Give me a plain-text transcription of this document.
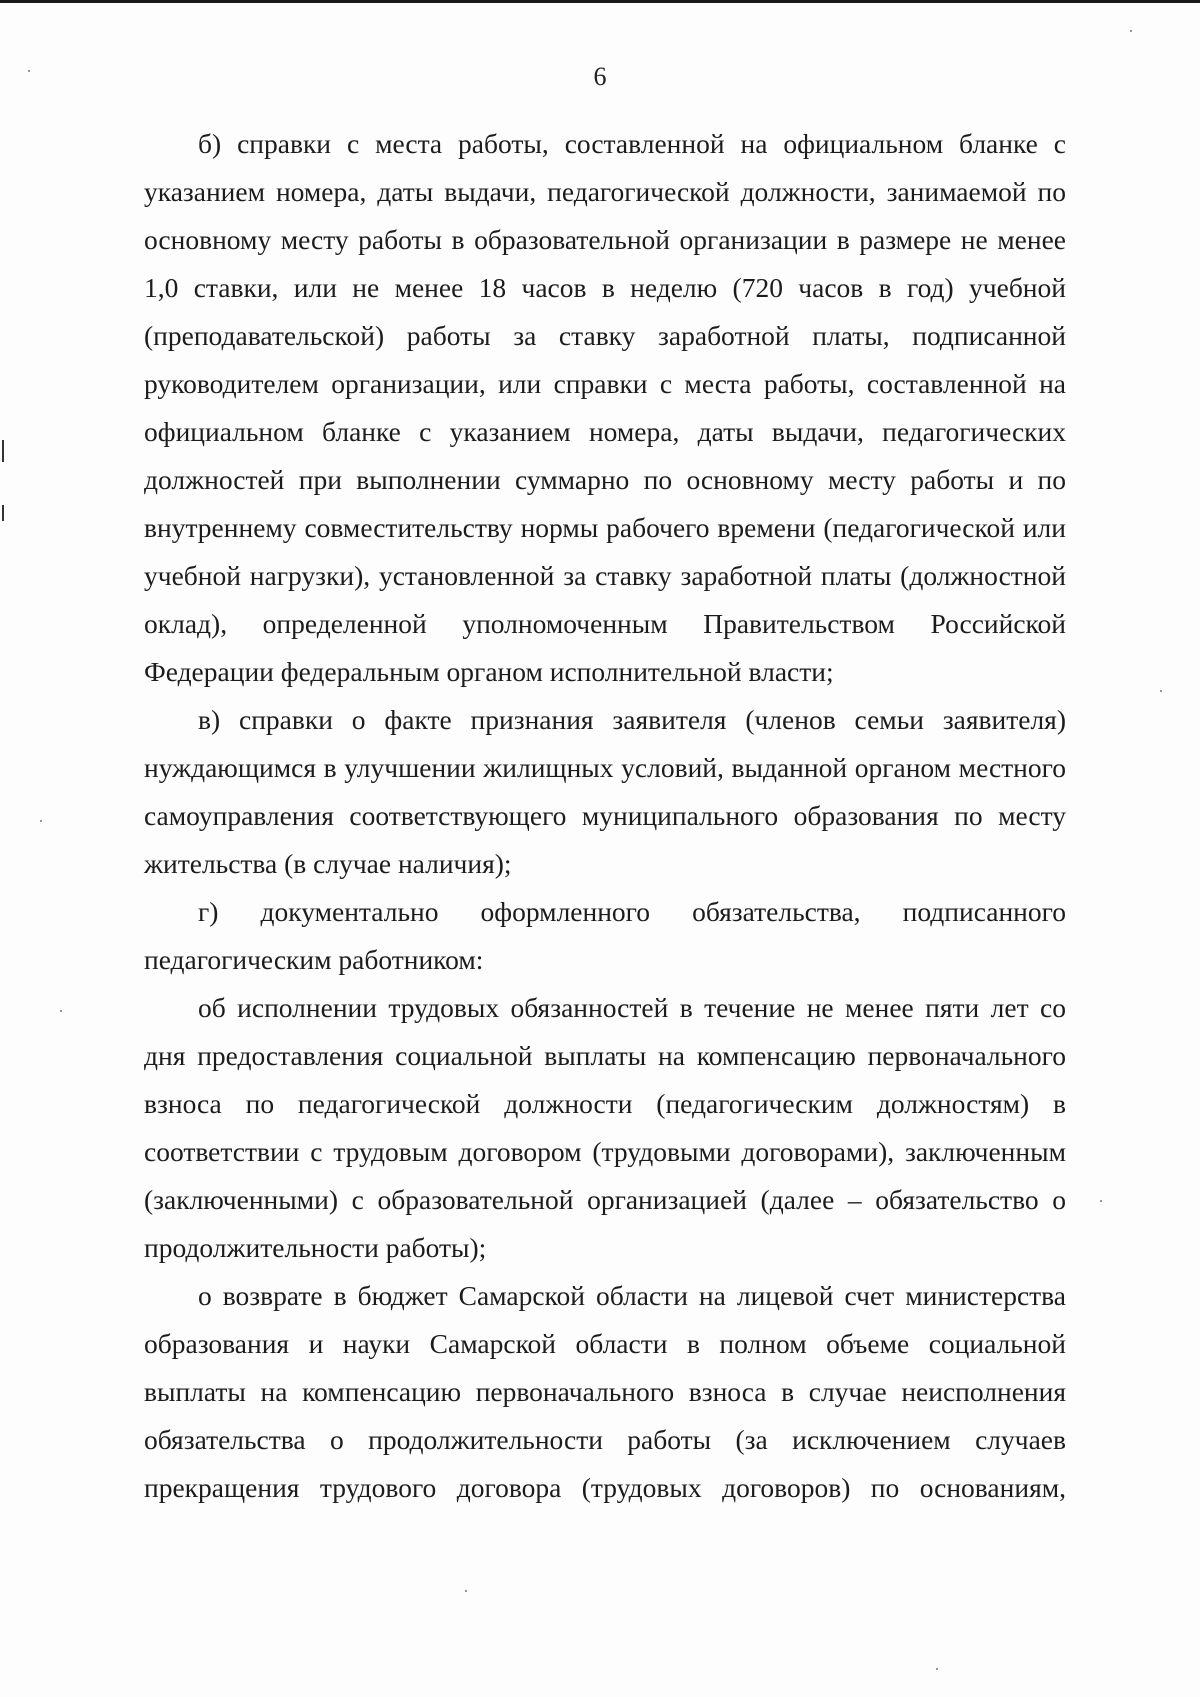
6

б) справки с места работы, составленной на официальном бланке с указанием номера, даты выдачи, педагогической должности, занимаемой по основному месту работы в образовательной организации в размере не менее 1,0 ставки, или не менее 18 часов в неделю (720 часов в год) учебной (преподавательской) работы за ставку заработной платы, подписанной руководителем организации, или справки с места работы, составленной на официальном бланке с указанием номера, даты выдачи, педагогических должностей при выполнении суммарно по основному месту работы и по внутреннему совместительству нормы рабочего времени (педагогической или учебной нагрузки), установленной за ставку заработной платы (должностной оклад), определенной уполномоченным Правительством Российской Федерации федеральным органом исполнительной власти;

в) справки о факте признания заявителя (членов семьи заявителя) нуждающимся в улучшении жилищных условий, выданной органом местного самоуправления соответствующего муниципального образования по месту жительства (в случае наличия);

г) документально оформленного обязательства, подписанного педагогическим работником:

об исполнении трудовых обязанностей в течение не менее пяти лет со дня предоставления социальной выплаты на компенсацию первоначального взноса по педагогической должности (педагогическим должностям) в соответствии с трудовым договором (трудовыми договорами), заключенным (заключенными) с образовательной организацией (далее – обязательство о продолжительности работы);

о возврате в бюджет Самарской области на лицевой счет министерства образования и науки Самарской области в полном объеме социальной выплаты на компенсацию первоначального взноса в случае неисполнения обязательства о продолжительности работы (за исключением случаев прекращения трудового договора (трудовых договоров) по основаниям,
